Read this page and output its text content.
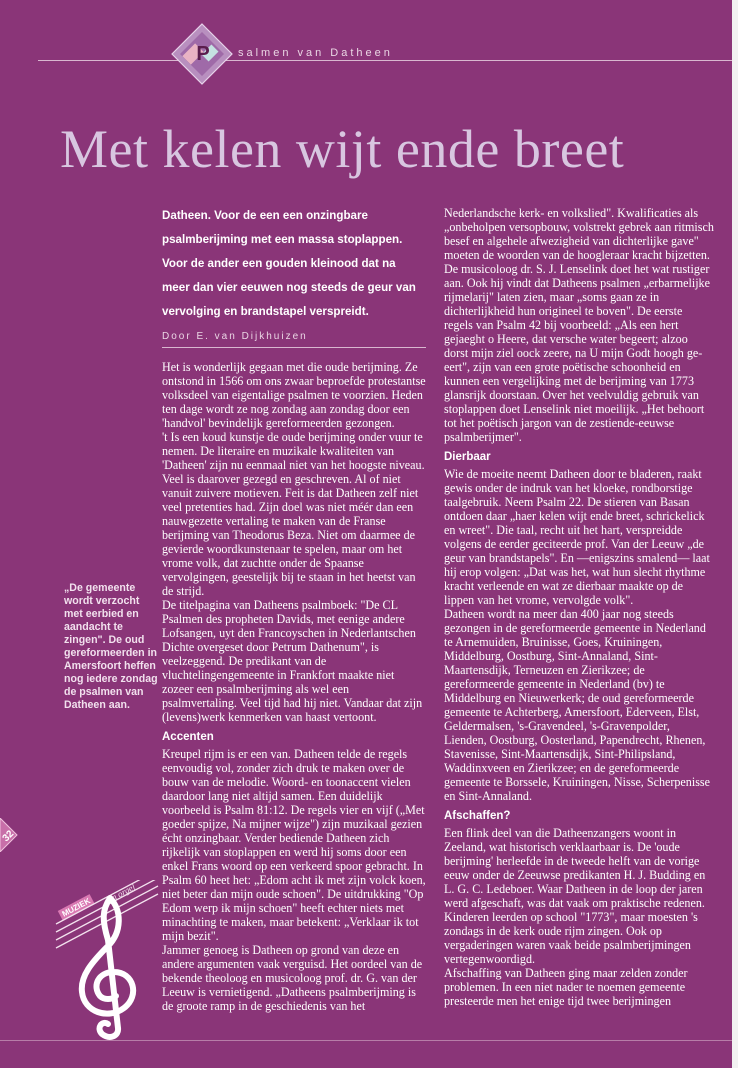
P	salmen van Datheen
Met kelen wijt ende breet

Datheen. Voor de een een onzingbare psalmberijming met een massa stoplappen. Voor de ander een gouden kleinood dat na meer dan vier eeuwen nog steeds de geur van vervolging en brandstapel verspreidt.

Door E. van Dijkhuizen

Het is wonderlijk gegaan met die oude berijming. Ze ontstond in 1566 om ons zwaar beproefde protestantse volksdeel van eigentalige psalmen te voorzien. Heden ten dage wordt ze nog zondag aan zondag door een 'handvol' bevindelijk gereformeerden gezongen.

't Is een koud kunstje de oude berijming onder vuur te nemen. De literaire en muzikale kwaliteiten van 'Datheen' zijn nu eenmaal niet van het hoogste niveau. Veel is daarover gezegd en geschreven. Al of niet vanuit zuivere motieven. Feit is dat Datheen zelf niet veel pretenties had. Zijn doel was niet méér dan een nauwgezette vertaling te maken van de Franse berijming van Theodorus Beza. Niet om daarmee de gevierde woordkunstenaar te spelen, maar om het vrome volk, dat zuchtte onder de Spaanse vervolgingen, geestelijk bij te staan in het heetst van de strijd.

De titelpagina van Datheens psalmboek: "De CL Psalmen des propheten Davids, met eenige andere Lofsangen, uyt den Francoyschen in Nederlantschen Dichte overgeset door Petrum Dathenum", is veelzeggend. De predikant van de vluchtelingengemeente in Frankfort maakte niet zozeer een psalmberijming als wel een psalmvertaling. Veel tijd had hij niet. Vandaar dat zijn (levens)werk kenmerken van haast vertoont.

Accenten

Kreupel rijm is er een van. Datheen telde de regels eenvoudig vol, zonder zich druk te maken over de bouw van de melodie. Woord- en toonaccent vielen daardoor lang niet altijd samen. Een duidelijk voorbeeld is Psalm 81:12. De regels vier en vijf („Met goeder spijze, Na mijner wijze") zijn muzikaal gezien écht onzingbaar. Verder bediende Datheen zich rijkelijk van stoplappen en werd hij soms door een enkel Frans woord op een verkeerd spoor gebracht. In Psalm 60 heet het: „Edom acht ik met zijn volck koen, niet beter dan mijn oude schoen". De uitdrukking "Op Edom werp ik mijn schoen" heeft echter niets met minachting te maken, maar betekent: „Verklaar ik tot mijn bezit".

Jammer genoeg is Datheen op grond van deze en andere argumenten vaak verguisd. Het oordeel van de bekende theoloog en musicoloog prof. dr. G. van der Leeuw is vernietigend. „Datheens psalmberijming is de groote ramp in de geschiedenis van het

Nederlandsche kerk- en volkslied". Kwalificaties als „onbeholpen versopbouw, volstrekt gebrek aan ritmisch besef en algehele afwezigheid van dichterlijke gave" moeten de woorden van de hoogleraar kracht bijzetten.

De musicoloog dr. S. J. Lenselink doet het wat rustiger aan. Ook hij vindt dat Datheens psalmen „erbarmelijke rijmelarij" laten zien, maar „soms gaan ze in dichterlijkheid hun origineel te boven". De eerste regels van Psalm 42 bij voorbeeld: „Als een hert gejaeght o Heere, dat versche water begeert; alzoo dorst mijn ziel oock zeere, na U mijn Godt hoogh ge-eert", zijn van een grote poëtische schoonheid en kunnen een vergelijking met de berijming van 1773 glansrijk doorstaan. Over het veelvuldig gebruik van stoplappen doet Lenselink niet moeilijk. „Het behoort tot het poëtisch jargon van de zestiende-eeuwse psalmberijmer".

Dierbaar

Wie de moeite neemt Datheen door te bladeren, raakt gewis onder de indruk van het kloeke, rondborstige taalgebruik. Neem Psalm 22. De stieren van Basan ontdoen daar „haer kelen wijt ende breet, schrickelick en wreet". Die taal, recht uit het hart, verspreidde volgens de eerder geciteerde prof. Van der Leeuw „de geur van brandstapels". En —enigszins smalend— laat hij erop volgen: „Dat was het, wat hun slecht rhythme kracht verleende en wat ze dierbaar maakte op de lippen van het vrome, vervolgde volk".

Datheen wordt na meer dan 400 jaar nog steeds gezongen in de gereformeerde gemeente in Nederland te Arnemuiden, Bruinisse, Goes, Kruiningen, Middelburg, Oostburg, Sint-Annaland, Sint-Maartensdijk, Terneuzen en Zierikzee; de gereformeerde gemeente in Nederland (bv) te Middelburg en Nieuwerkerk; de oud gereformeerde gemeente te Achterberg, Amersfoort, Ederveen, Elst, Geldermalsen, 's-Gravendeel, 's-Gravenpolder, Lienden, Oostburg, Oosterland, Papendrecht, Rhenen, Stavenisse, Sint-Maartensdijk, Sint-Philipsland, Waddinxveen en Zierikzee; en de gereformeerde gemeente te Borssele, Kruiningen, Nisse, Scherpenisse en Sint-Annaland.

Afschaffen?

Een flink deel van die Datheenzangers woont in Zeeland, wat historisch verklaarbaar is. De 'oude berijming' herleefde in de tweede helft van de vorige eeuw onder de Zeeuwse predikanten H. J. Budding en L. G. C. Ledeboer. Waar Datheen in de loop der jaren werd afgeschaft, was dat vaak om praktische redenen. Kinderen leerden op school "1773", maar moesten 's zondags in de kerk oude rijm zingen. Ook op vergaderingen waren vaak beide psalmberijmingen vertegenwoordigd.

Afschaffing van Datheen ging maar zelden zonder problemen. In een niet nader te noemen gemeente presteerde men het enige tijd twee berijmingen

„De gemeente wordt verzocht met eerbied en aandacht te zingen". De oud gereformeerden in Amersfoort heffen nog iedere zondag de psalmen van Datheen aan.
32
MUZIEK
en orgel
